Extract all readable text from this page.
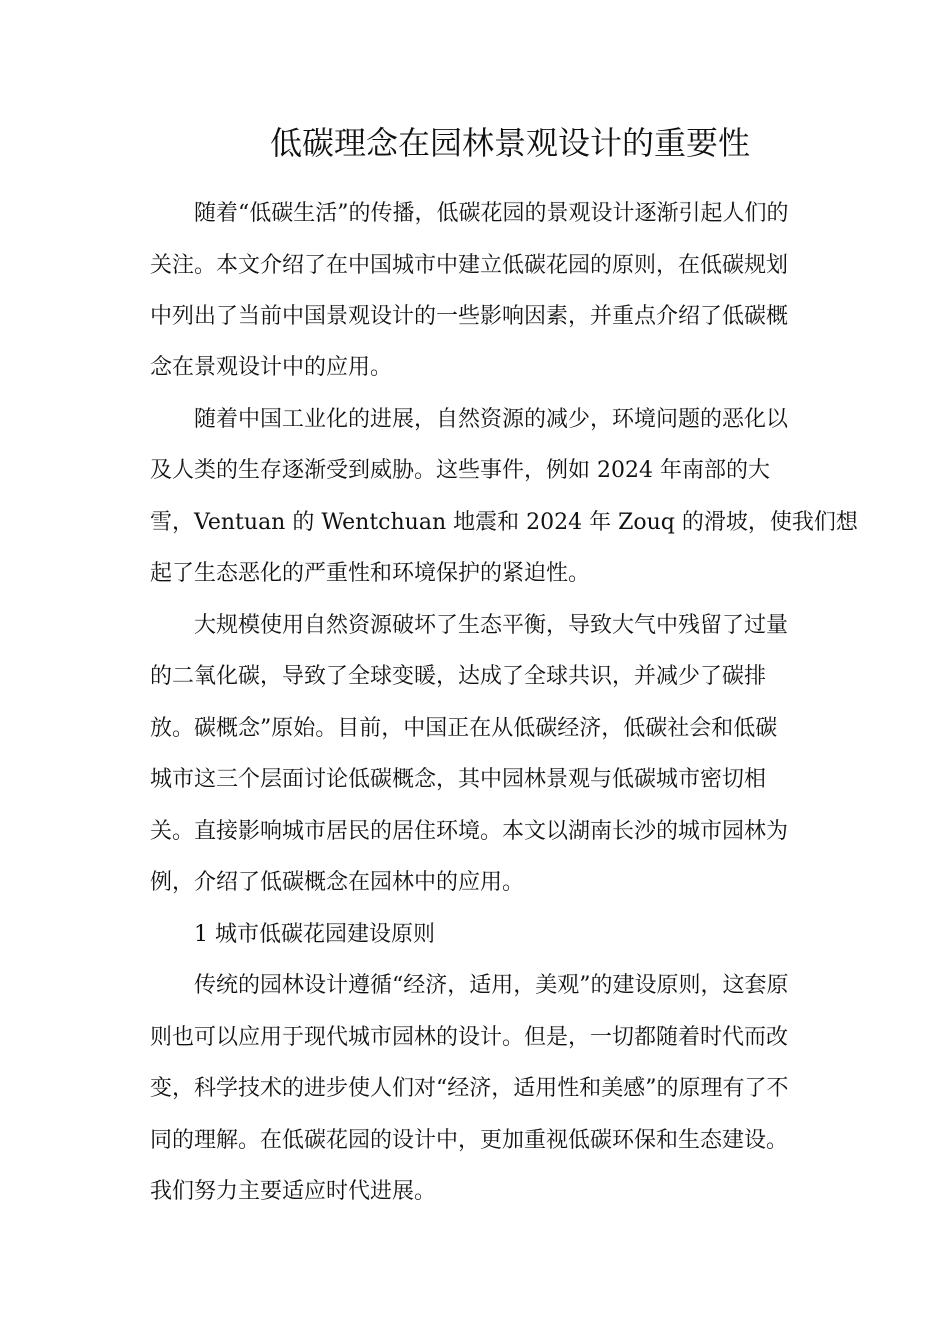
低碳理念在园林景观设计的重要性
随着“低碳生活”的传播，低碳花园的景观设计逐渐引起人们的
关注。本文介绍了在中国城市中建立低碳花园的原则，在低碳规划
中列出了当前中国景观设计的一些影响因素，并重点介绍了低碳概
念在景观设计中的应用。
随着中国工业化的进展，自然资源的减少，环境问题的恶化以
及人类的生存逐渐受到威胁。这些事件，例如 2024 年南部的大
雪，Ventuan 的 Wentchuan 地震和 2024 年 Zouq 的滑坡，使我们想
起了生态恶化的严重性和环境保护的紧迫性。
大规模使用自然资源破坏了生态平衡，导致大气中残留了过量
的二氧化碳，导致了全球变暖，达成了全球共识，并减少了碳排
放。碳概念”原始。目前，中国正在从低碳经济，低碳社会和低碳
城市这三个层面讨论低碳概念，其中园林景观与低碳城市密切相
关。直接影响城市居民的居住环境。本文以湖南长沙的城市园林为
例，介绍了低碳概念在园林中的应用。
1 城市低碳花园建设原则
传统的园林设计遵循“经济，适用，美观”的建设原则，这套原
则也可以应用于现代城市园林的设计。但是，一切都随着时代而改
变，科学技术的进步使人们对“经济，适用性和美感”的原理有了不
同的理解。在低碳花园的设计中，更加重视低碳环保和生态建设。
我们努力主要适应时代进展。
